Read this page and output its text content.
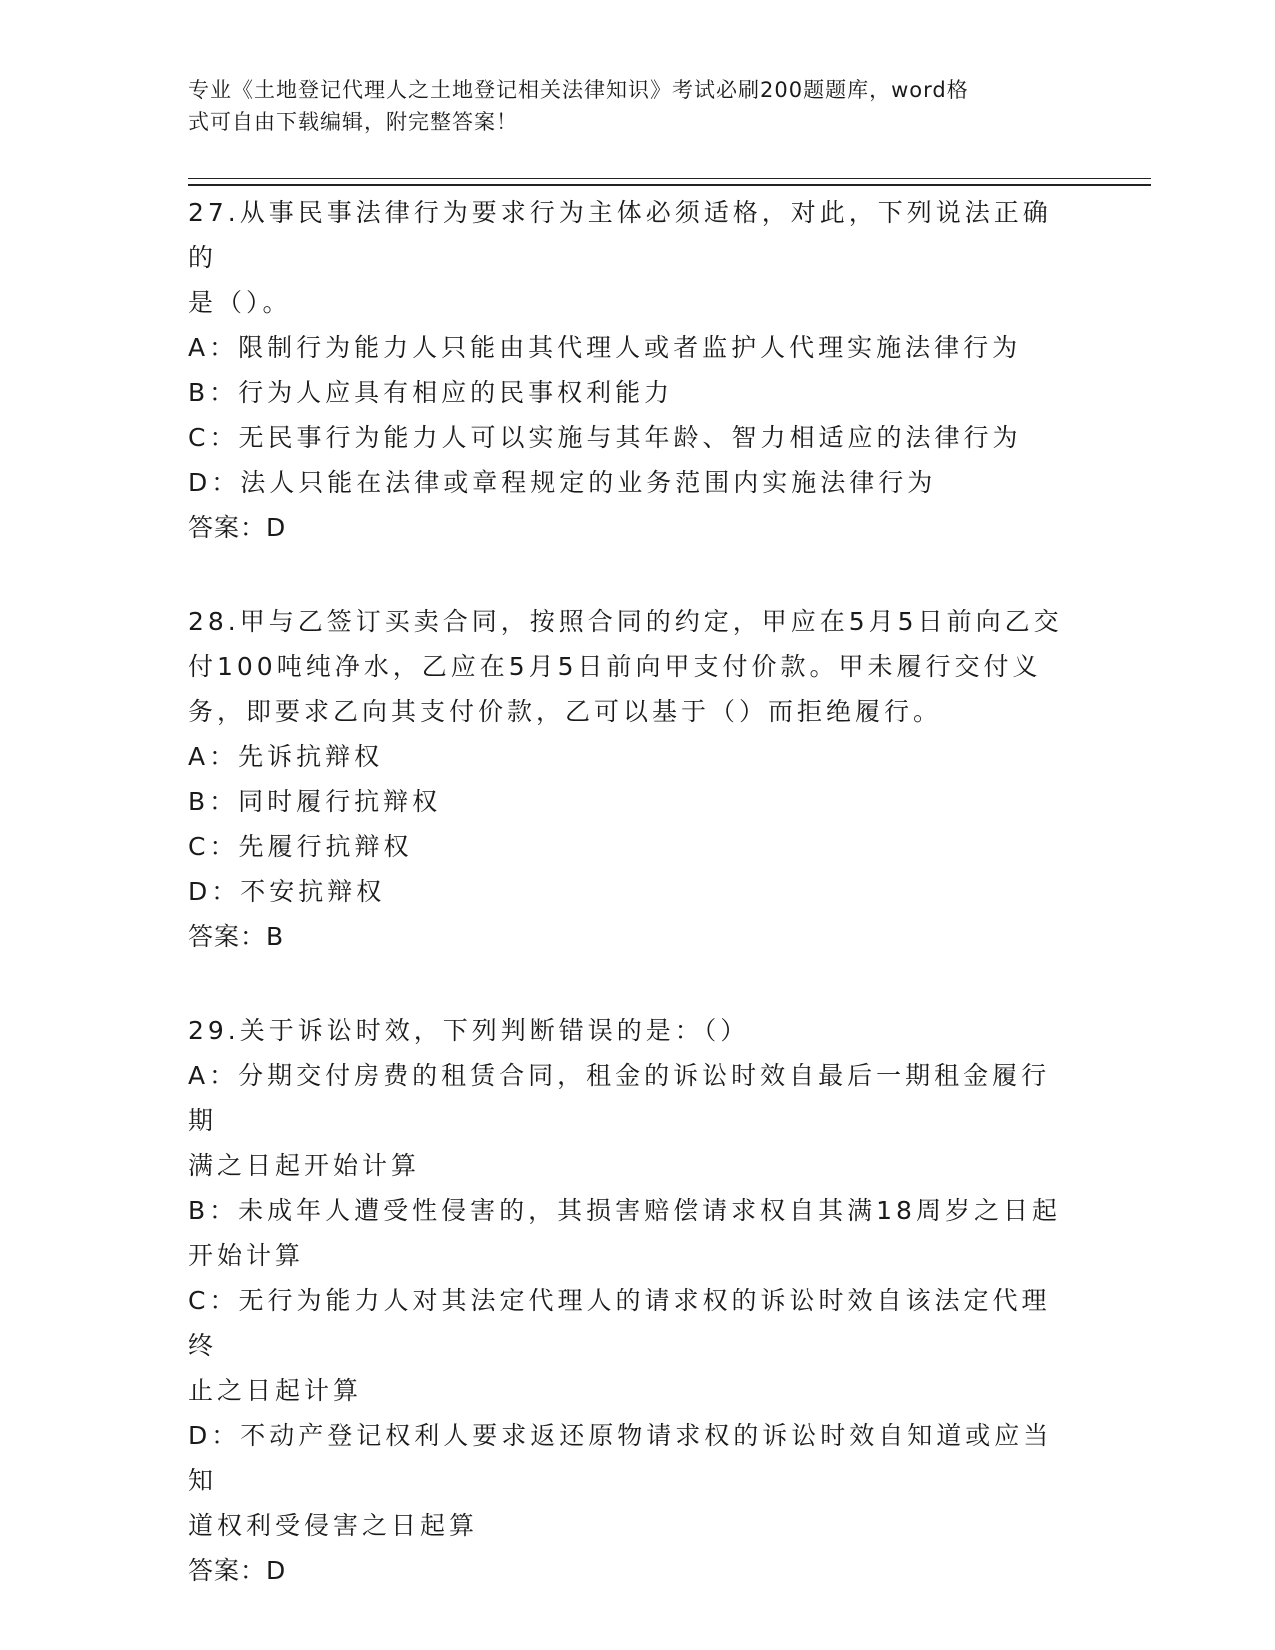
专业《土地登记代理人之土地登记相关法律知识》考试必刷200题题库，word格
式可自由下载编辑，附完整答案！
27.从事民事法律行为要求行为主体必须适格，对此，下列说法正确的
是（）。
A：限制行为能力人只能由其代理人或者监护人代理实施法律行为
B：行为人应具有相应的民事权利能力
C：无民事行为能力人可以实施与其年龄、智力相适应的法律行为
D：法人只能在法律或章程规定的业务范围内实施法律行为
答案：D
28.甲与乙签订买卖合同，按照合同的约定，甲应在5月5日前向乙交
付100吨纯净水，乙应在5月5日前向甲支付价款。甲未履行交付义
务，即要求乙向其支付价款，乙可以基于（）而拒绝履行。
A：先诉抗辩权
B：同时履行抗辩权
C：先履行抗辩权
D：不安抗辩权
答案：B
29.关于诉讼时效，下列判断错误的是：（）
A：分期交付房费的租赁合同，租金的诉讼时效自最后一期租金履行期
满之日起开始计算
B：未成年人遭受性侵害的，其损害赔偿请求权自其满18周岁之日起
开始计算
C：无行为能力人对其法定代理人的请求权的诉讼时效自该法定代理终
止之日起计算
D：不动产登记权利人要求返还原物请求权的诉讼时效自知道或应当知
道权利受侵害之日起算
答案：D
